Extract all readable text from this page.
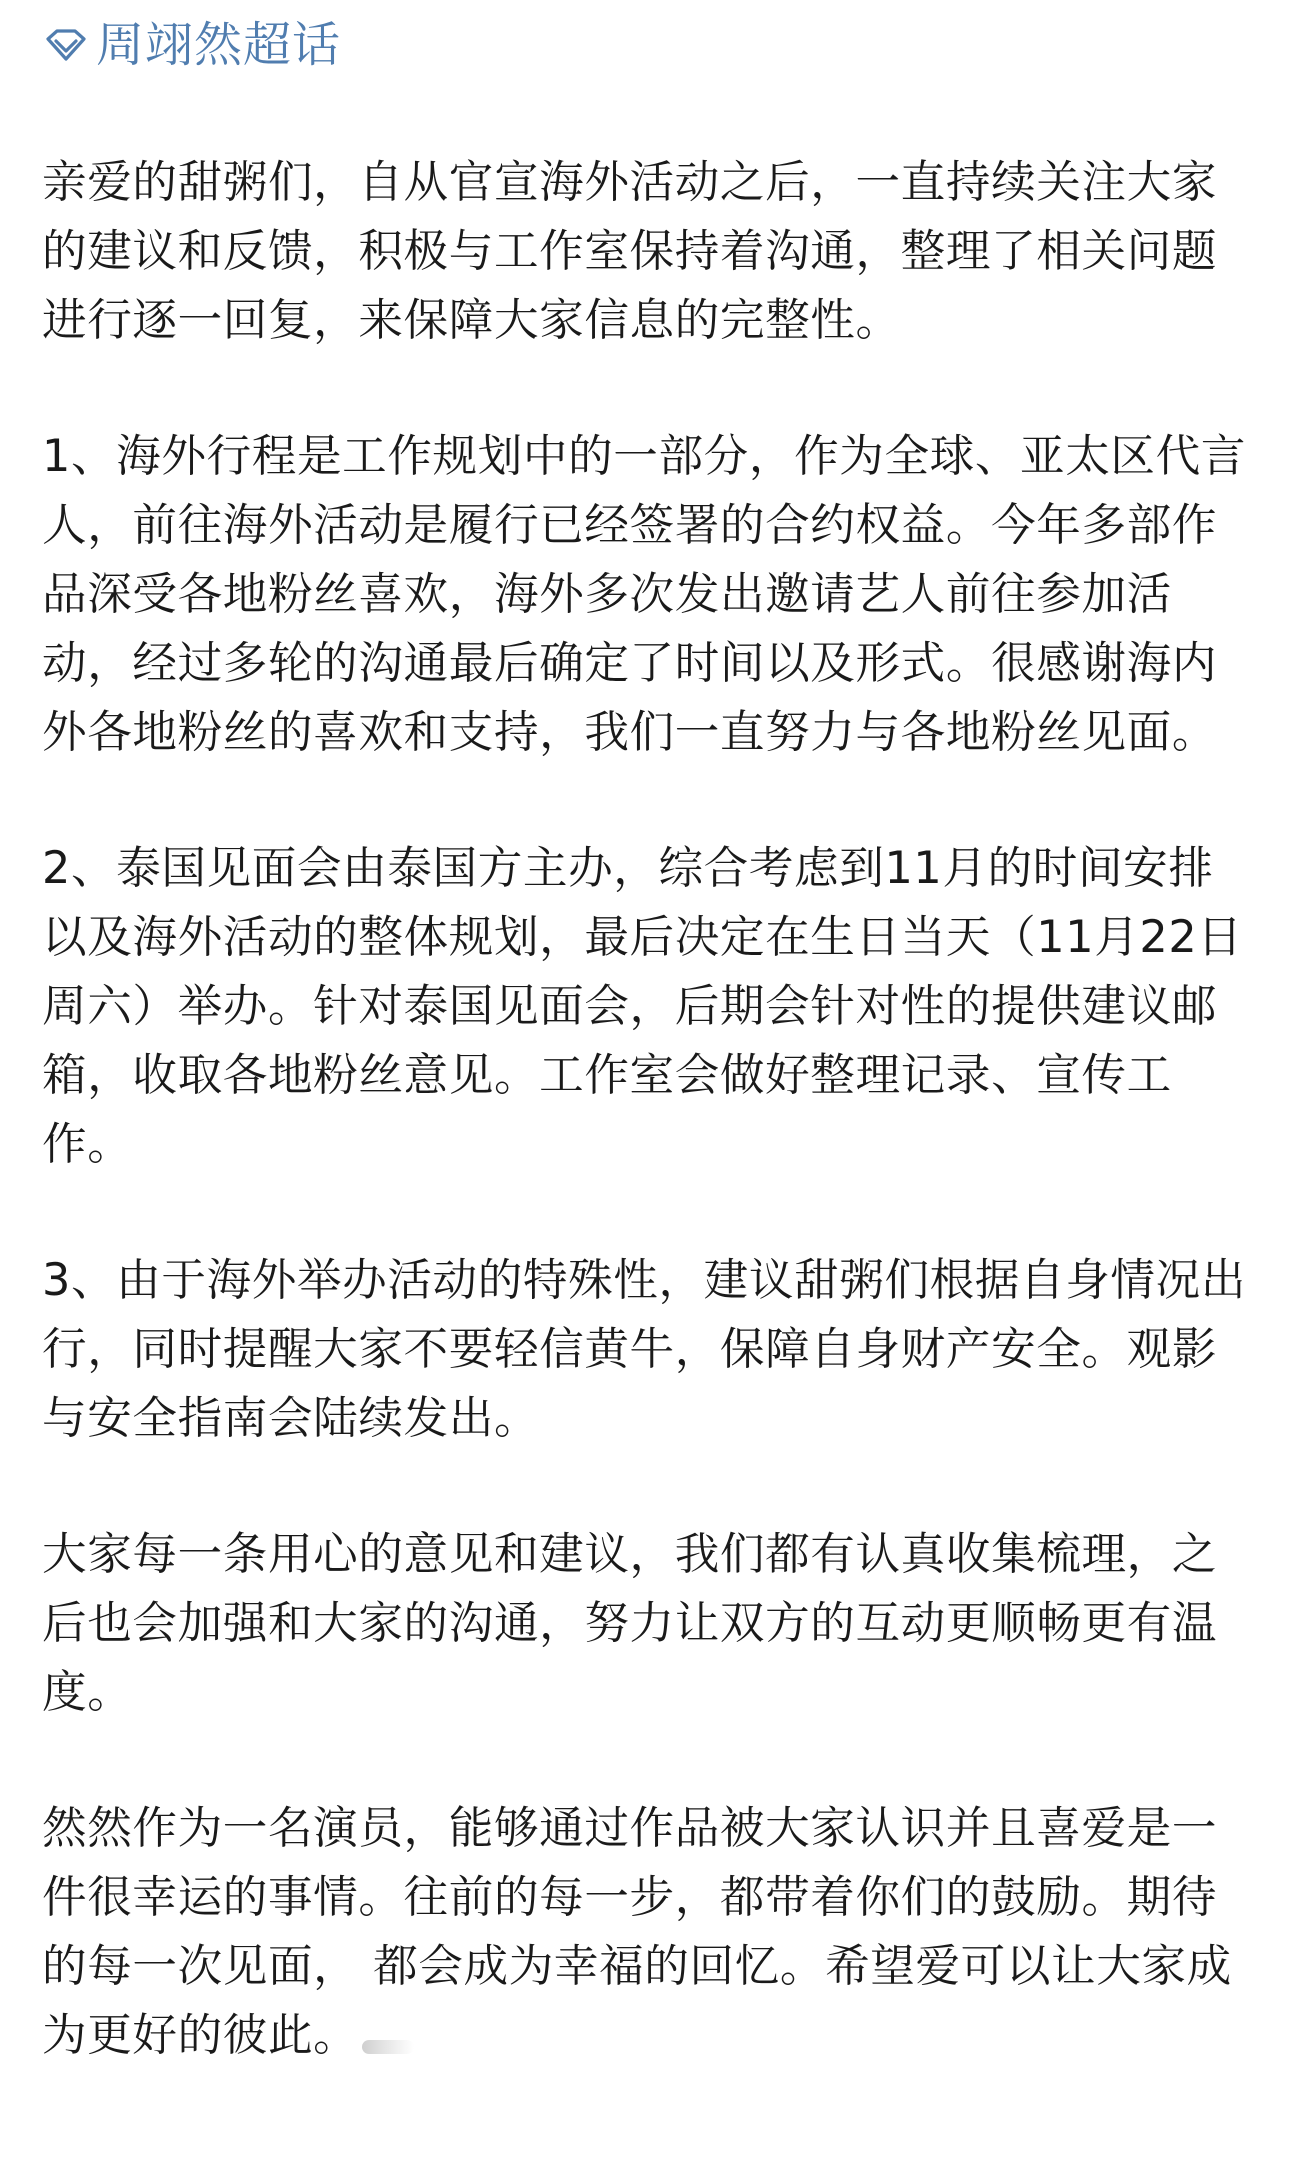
周翊然超话

亲爱的甜粥们，自从官宣海外活动之后，一直持续关注大家的建议和反馈，积极与工作室保持着沟通，整理了相关问题进行逐一回复，来保障大家信息的完整性。

1、海外行程是工作规划中的一部分，作为全球、亚太区代言人，前往海外活动是履行已经签署的合约权益。今年多部作品深受各地粉丝喜欢，海外多次发出邀请艺人前往参加活动，经过多轮的沟通最后确定了时间以及形式。很感谢海内外各地粉丝的喜欢和支持，我们一直努力与各地粉丝见面。

2、泰国见面会由泰国方主办，综合考虑到11月的时间安排以及海外活动的整体规划，最后决定在生日当天（11月22日周六）举办。针对泰国见面会，后期会针对性的提供建议邮箱，收取各地粉丝意见。工作室会做好整理记录、宣传工作。

3、由于海外举办活动的特殊性，建议甜粥们根据自身情况出行，同时提醒大家不要轻信黄牛，保障自身财产安全。观影与安全指南会陆续发出。

大家每一条用心的意见和建议，我们都有认真收集梳理，之后也会加强和大家的沟通，努力让双方的互动更顺畅更有温度。

然然作为一名演员，能够通过作品被大家认识并且喜爱是一件很幸运的事情。往前的每一步，都带着你们的鼓励。期待的每一次见面， 都会成为幸福的回忆。希望爱可以让大家成为更好的彼此。
